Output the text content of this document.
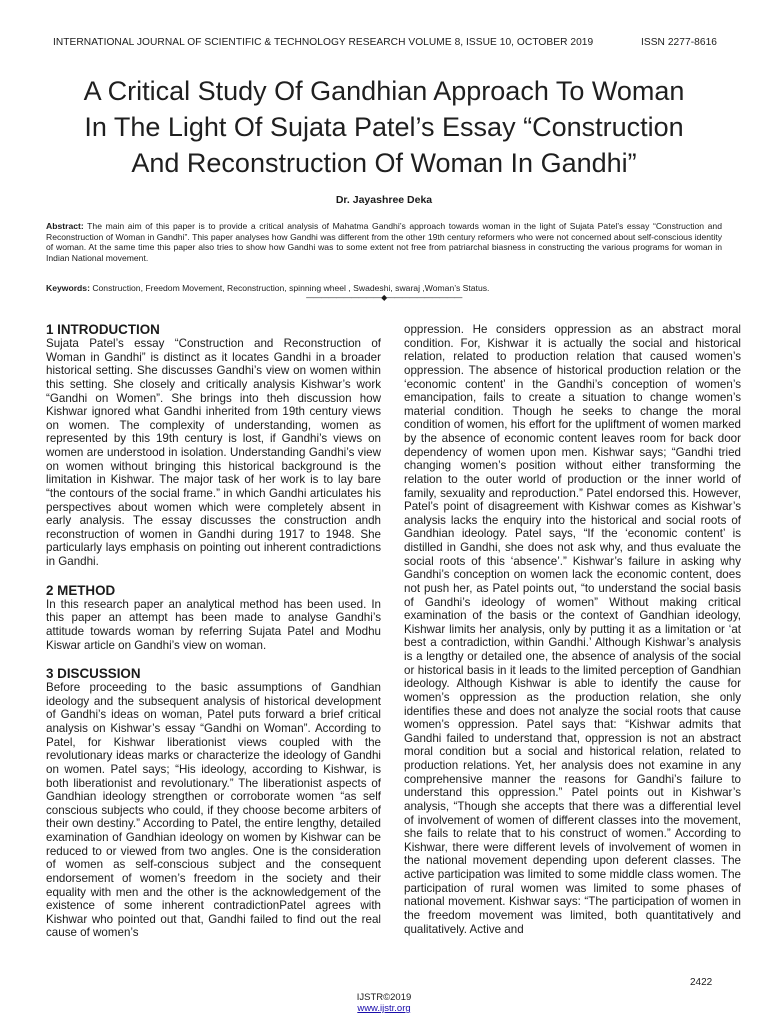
INTERNATIONAL JOURNAL OF SCIENTIFIC & TECHNOLOGY RESEARCH VOLUME 8, ISSUE 10, OCTOBER 2019	ISSN 2277-8616
A Critical Study Of Gandhian Approach To Woman
In The Light Of Sujata Patel’s Essay “Construction
And Reconstruction Of Woman In Gandhi”
Dr. Jayashree Deka
Abstract: The main aim of this paper is to provide a critical analysis of Mahatma Gandhi’s approach towards woman in the light of Sujata Patel’s essay “Construction and Reconstruction of Woman in Gandhi”. This paper analyses how Gandhi was different from the other 19th century reformers who were not concerned about self-conscious identity of woman. At the same time this paper also tries to show how Gandhi was to some extent not free from patriarchal biasness in constructing the various programs for woman in Indian National movement.
Keywords: Construction, Freedom Movement, Reconstruction, spinning wheel , Swadeshi, swaraj ,Woman’s Status.
——————————◆——————————
1 INTRODUCTION

Sujata Patel’s essay “Construction and Reconstruction of Woman in Gandhi” is distinct as it locates Gandhi in a broader historical setting. She discusses Gandhi’s view on women within this setting. She closely and critically analysis Kishwar’s work “Gandhi on Women”. She brings into theh discussion how Kishwar ignored what Gandhi inherited from 19th century views on women. The complexity of understanding, women as represented by this 19th century is lost, if Gandhi’s views on women are understood in isolation. Understanding Gandhi’s view on women without bringing this historical background is the limitation in Kishwar. The major task of her work is to lay bare “the contours of the social frame.” in which Gandhi articulates his perspectives about women which were completely absent in early analysis. The essay discusses the construction andh reconstruction of women in Gandhi during 1917 to 1948. She particularly lays emphasis on pointing out inherent contradictions in Gandhi.

2 METHOD

In this research paper an analytical method has been used. In this paper an attempt has been made to analyse Gandhi’s attitude towards woman by referring Sujata Patel and Modhu Kiswar article on Gandhi’s view on woman.

3 DISCUSSION

Before proceeding to the basic assumptions of Gandhian ideology and the subsequent analysis of historical development of Gandhi’s ideas on woman, Patel puts forward a brief critical analysis on Kishwar’s essay “Gandhi on Woman”. According to Patel, for Kishwar liberationist views coupled with the revolutionary ideas marks or characterize the ideology of Gandhi on women. Patel says; “His ideology, according to Kishwar, is both liberationist and revolutionary.” The liberationist aspects of Gandhian ideology strengthen or corroborate women “as self conscious subjects who could, if they choose become arbiters of their own destiny.” According to Patel, the entire lengthy, detailed examination of Gandhian ideology on women by Kishwar can be reduced to or viewed from two angles. One is the consideration of women as self-conscious subject and the consequent endorsement of women’s freedom in the society and their equality with men and the other is the acknowledgement of the existence of some inherent contradictionPatel agrees with Kishwar who pointed out that, Gandhi failed to find out the real cause of women’s

oppression. He considers oppression as an abstract moral condition. For, Kishwar it is actually the social and historical relation, related to production relation that caused women’s oppression. The absence of historical production relation or the ‘economic content’ in the Gandhi’s conception of women’s emancipation, fails to create a situation to change women’s material condition. Though he seeks to change the moral condition of women, his effort for the upliftment of women marked by the absence of economic content leaves room for back door dependency of women upon men. Kishwar says; “Gandhi tried changing women’s position without either transforming the relation to the outer world of production or the inner world of family, sexuality and reproduction.” Patel endorsed this. However, Patel’s point of disagreement with Kishwar comes as Kishwar’s analysis lacks the enquiry into the historical and social roots of Gandhian ideology. Patel says, “If the ‘economic content’ is distilled in Gandhi, she does not ask why, and thus evaluate the social roots of this ‘absence’.” Kishwar’s failure in asking why Gandhi’s conception on women lack the economic content, does not push her, as Patel points out, “to understand the social basis of Gandhi’s ideology of women” Without making critical examination of the basis or the context of Gandhian ideology, Kishwar limits her analysis, only by putting it as a limitation or ‘at best a contradiction, within Gandhi.’ Although Kishwar’s analysis is a lengthy or detailed one, the absence of analysis of the social or historical basis in it leads to the limited perception of Gandhian ideology. Although Kishwar is able to identify the cause for women’s oppression as the production relation, she only identifies these and does not analyze the social roots that cause women’s oppression. Patel says that: “Kishwar admits that Gandhi failed to understand that, oppression is not an abstract moral condition but a social and historical relation, related to production relations. Yet, her analysis does not examine in any comprehensive manner the reasons for Gandhi’s failure to understand this oppression.” Patel points out in Kishwar’s analysis, “Though she accepts that there was a differential level of involvement of women of different classes into the movement, she fails to relate that to his construct of women.” According to Kishwar, there were different levels of involvement of women in the national movement depending upon deferent classes. The active participation was limited to some middle class women. The participation of rural women was limited to some phases of national movement. Kishwar says: “The participation of women in the freedom movement was limited, both quantitatively and qualitatively. Active and

2422
IJSTR©2019
www.ijstr.org
